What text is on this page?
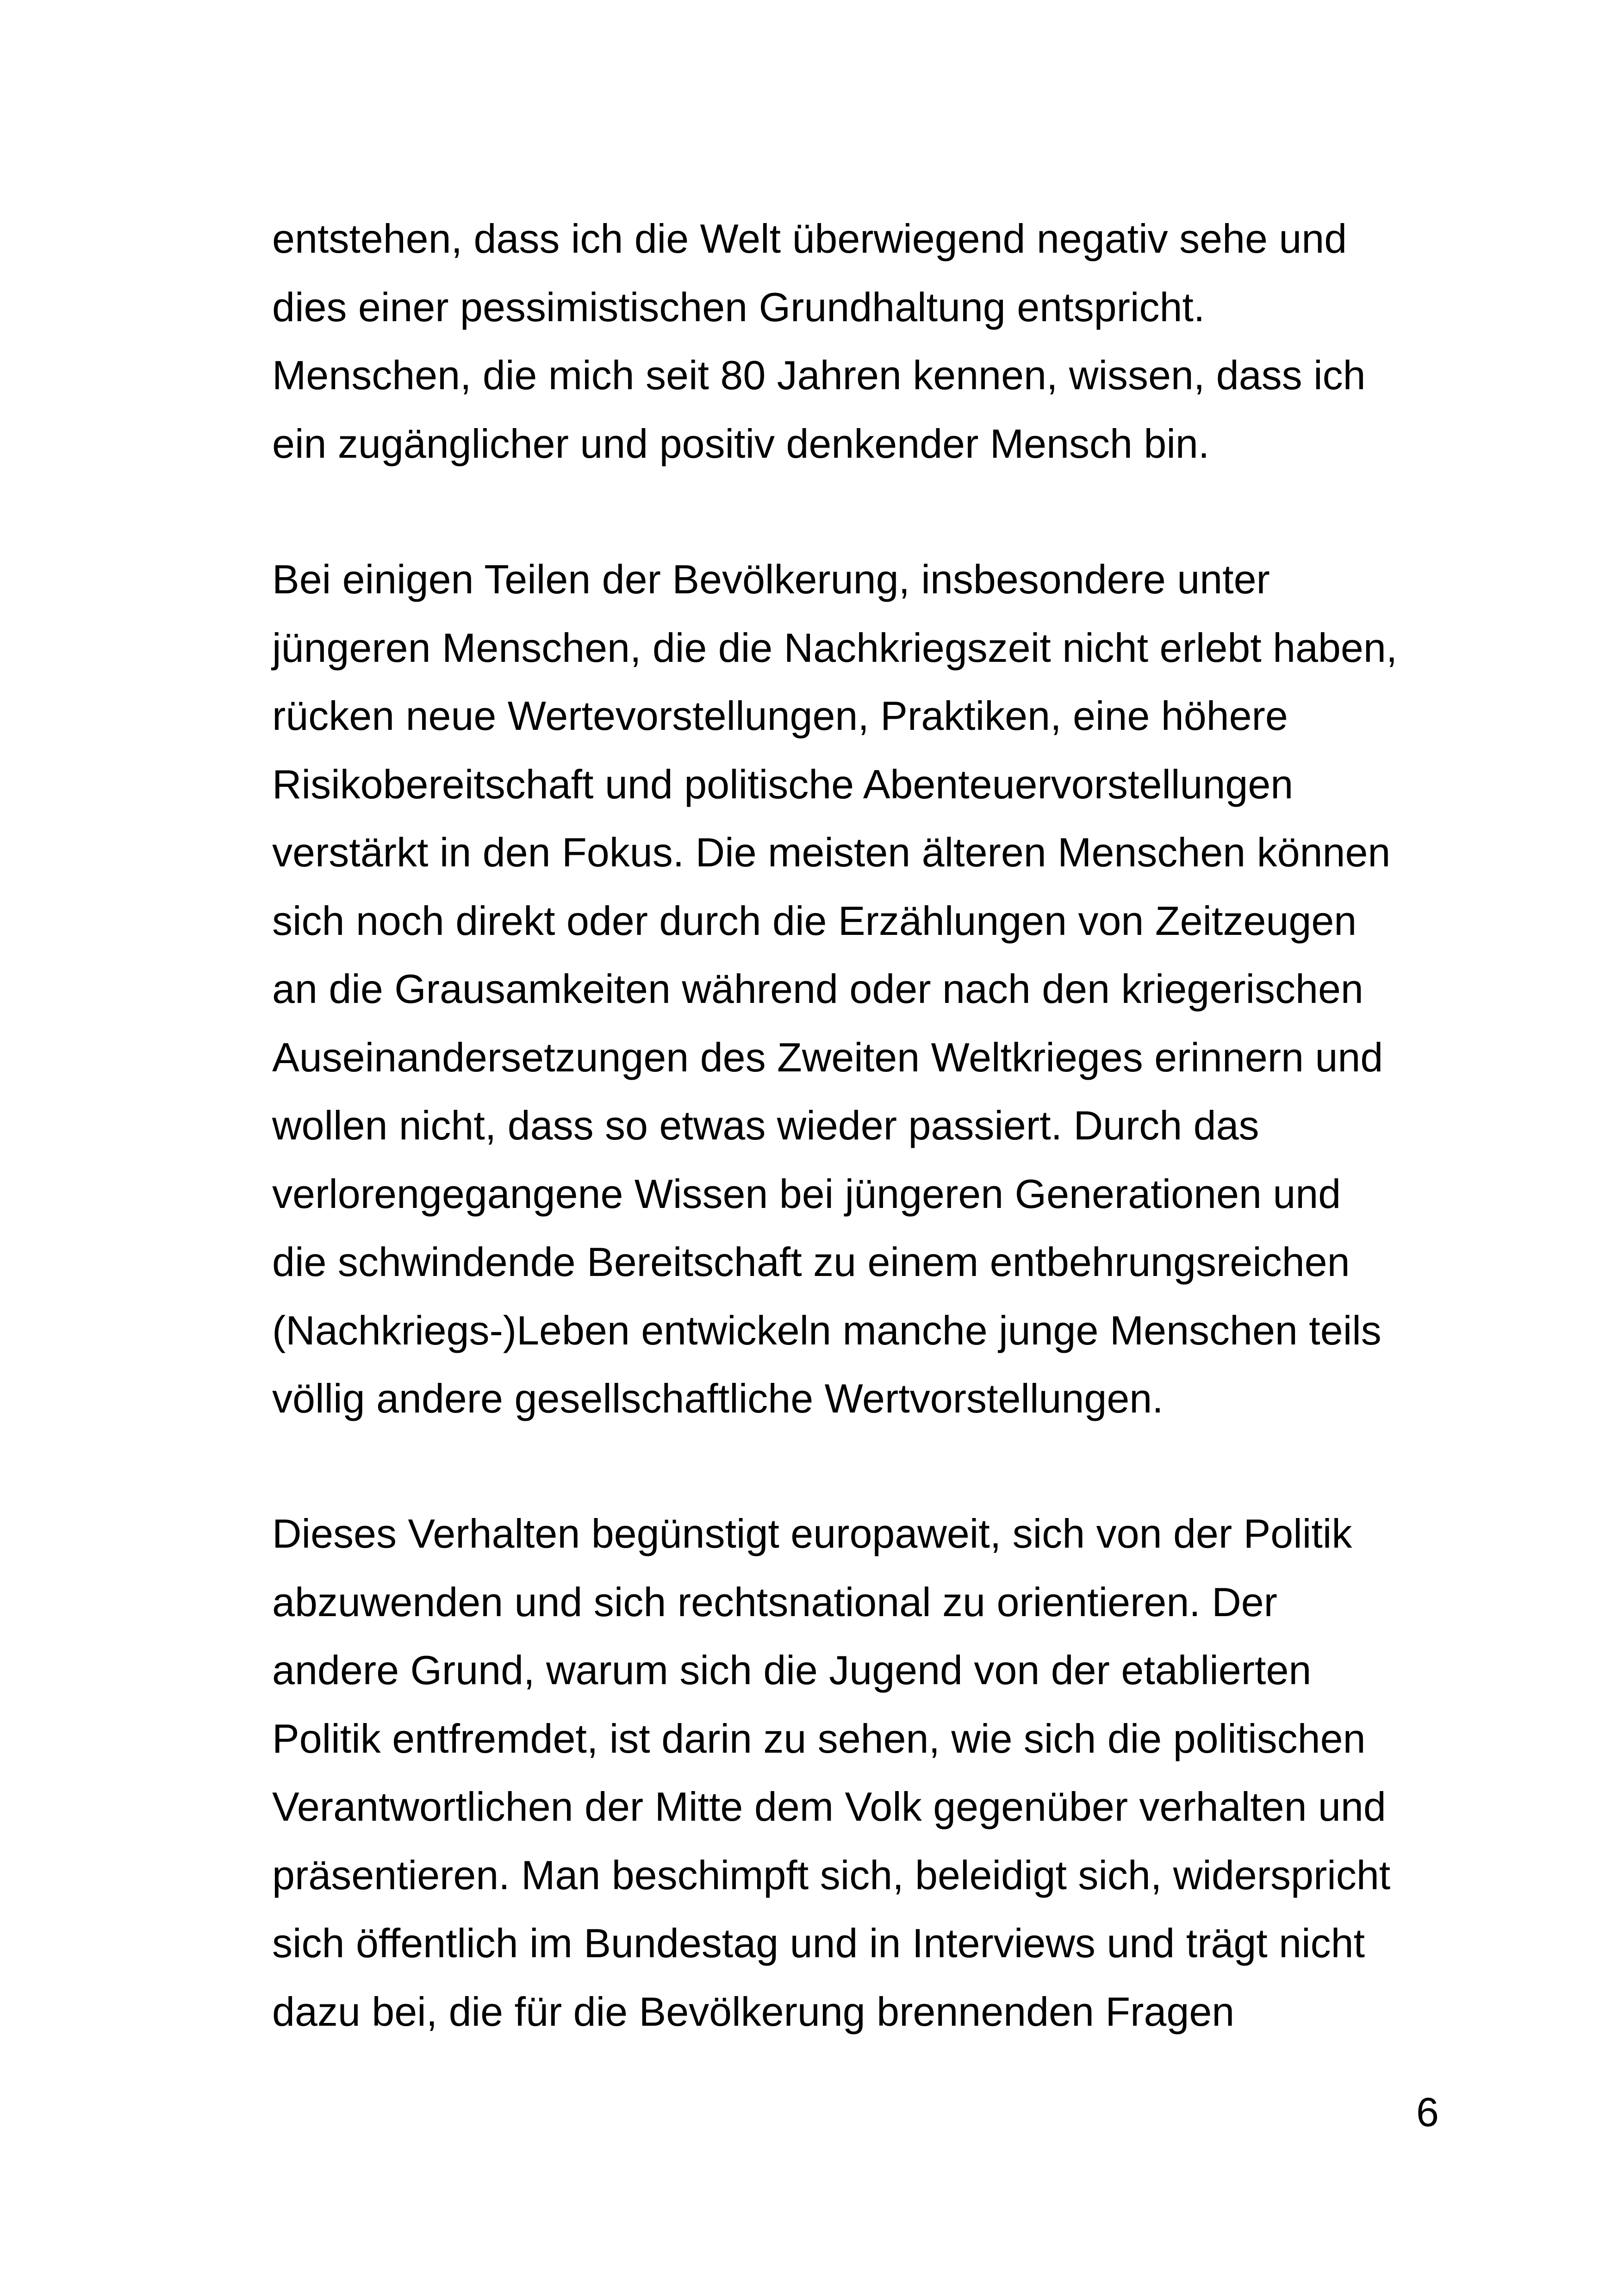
entstehen, dass ich die Welt überwiegend negativ sehe und
dies einer pessimistischen Grundhaltung entspricht.
Menschen, die mich seit 80 Jahren kennen, wissen, dass ich
ein zugänglicher und positiv denkender Mensch bin.

Bei einigen Teilen der Bevölkerung, insbesondere unter
jüngeren Menschen, die die Nachkriegszeit nicht erlebt haben,
rücken neue Wertevorstellungen, Praktiken, eine höhere
Risikobereitschaft und politische Abenteuervorstellungen
verstärkt in den Fokus. Die meisten älteren Menschen können
sich noch direkt oder durch die Erzählungen von Zeitzeugen
an die Grausamkeiten während oder nach den kriegerischen
Auseinandersetzungen des Zweiten Weltkrieges erinnern und
wollen nicht, dass so etwas wieder passiert. Durch das
verlorengegangene Wissen bei jüngeren Generationen und
die schwindende Bereitschaft zu einem entbehrungsreichen
(Nachkriegs-)Leben entwickeln manche junge Menschen teils
völlig andere gesellschaftliche Wertvorstellungen.

Dieses Verhalten begünstigt europaweit, sich von der Politik
abzuwenden und sich rechtsnational zu orientieren. Der
andere Grund, warum sich die Jugend von der etablierten
Politik entfremdet, ist darin zu sehen, wie sich die politischen
Verantwortlichen der Mitte dem Volk gegenüber verhalten und
präsentieren. Man beschimpft sich, beleidigt sich, widerspricht
sich öffentlich im Bundestag und in Interviews und trägt nicht
dazu bei, die für die Bevölkerung brennenden Fragen

6
